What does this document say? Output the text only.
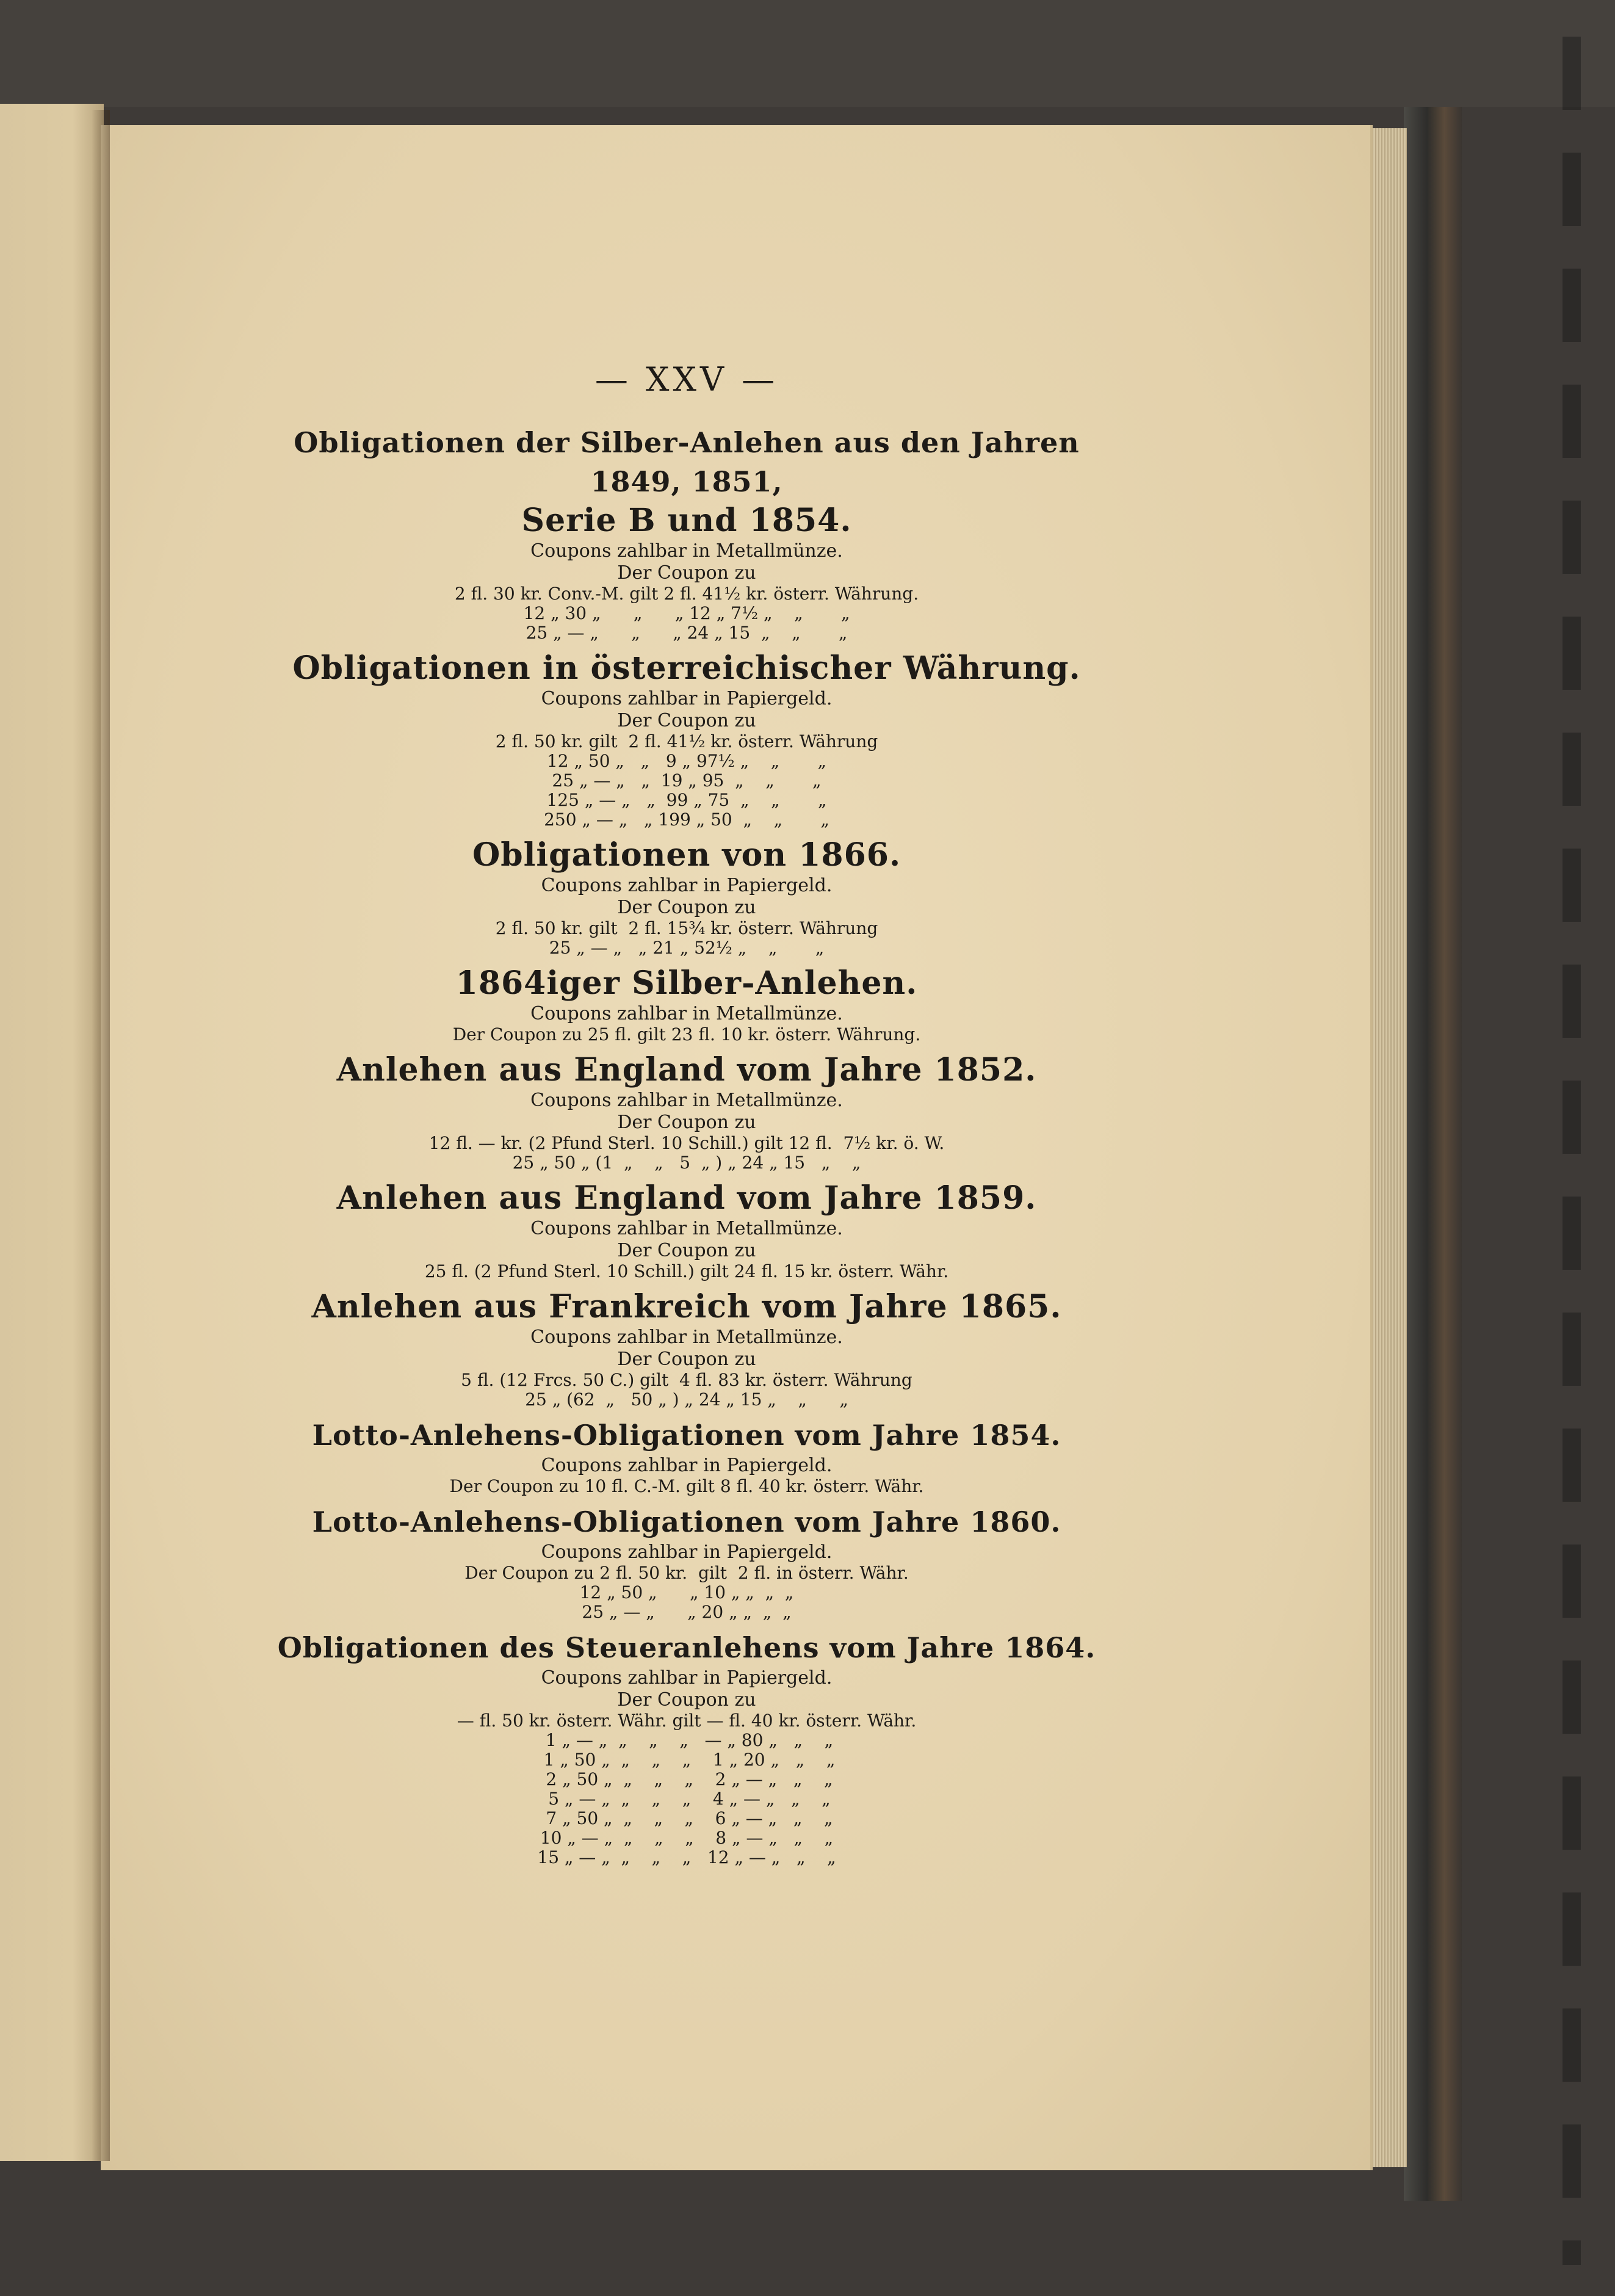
— XXV —
Obligationen der Silber-Anlehen aus den Jahren 1849, 1851,
Serie B und 1854.
Coupons zahlbar in Metallmünze.
Der Coupon zu
2 fl. 30 kr. Conv.-M. gilt 2 fl. 41½ kr. österr. Währung.
12 „ 30 „      „      „ 12 „ 7½ „    „       „
25 „ — „      „      „ 24 „ 15  „    „       „
Obligationen in österreichischer Währung.
Coupons zahlbar in Papiergeld.
Der Coupon zu
2 fl. 50 kr. gilt  2 fl. 41½ kr. österr. Währung
12 „ 50 „   „   9 „ 97½ „    „       „
25 „ — „   „  19 „ 95  „    „       „
125 „ — „   „  99 „ 75  „    „       „
250 „ — „   „ 199 „ 50  „    „       „
Obligationen von 1866.
Coupons zahlbar in Papiergeld.
Der Coupon zu
2 fl. 50 kr. gilt  2 fl. 15¾ kr. österr. Währung
25 „ — „   „ 21 „ 52½ „    „       „
1864iger Silber-Anlehen.
Coupons zahlbar in Metallmünze.
Der Coupon zu 25 fl. gilt 23 fl. 10 kr. österr. Währung.
Anlehen aus England vom Jahre 1852.
Coupons zahlbar in Metallmünze.
Der Coupon zu
12 fl. — kr. (2 Pfund Sterl. 10 Schill.) gilt 12 fl.  7½ kr. ö. W.
25 „ 50 „ (1  „    „   5  „ ) „ 24 „ 15   „    „
Anlehen aus England vom Jahre 1859.
Coupons zahlbar in Metallmünze.
Der Coupon zu
25 fl. (2 Pfund Sterl. 10 Schill.) gilt 24 fl. 15 kr. österr. Währ.
Anlehen aus Frankreich vom Jahre 1865.
Coupons zahlbar in Metallmünze.
Der Coupon zu
5 fl. (12 Frcs. 50 C.) gilt  4 fl. 83 kr. österr. Währung
25 „ (62  „   50 „ ) „ 24 „ 15 „    „      „
Lotto-Anlehens-Obligationen vom Jahre 1854.
Coupons zahlbar in Papiergeld.
Der Coupon zu 10 fl. C.-M. gilt 8 fl. 40 kr. österr. Währ.
Lotto-Anlehens-Obligationen vom Jahre 1860.
Coupons zahlbar in Papiergeld.
Der Coupon zu 2 fl. 50 kr.  gilt  2 fl. in österr. Währ.
12 „ 50 „      „ 10 „ „  „  „
25 „ — „      „ 20 „ „  „  „
Obligationen des Steueranlehens vom Jahre 1864.
Coupons zahlbar in Papiergeld.
Der Coupon zu
— fl. 50 kr. österr. Währ. gilt — fl. 40 kr. österr. Währ.
1 „ — „  „    „    „   — „ 80 „   „    „
1 „ 50 „  „    „    „    1 „ 20 „   „    „
2 „ 50 „  „    „    „    2 „ — „   „    „
5 „ — „  „    „    „    4 „ — „   „    „
7 „ 50 „  „    „    „    6 „ — „   „    „
10 „ — „  „    „    „    8 „ — „   „    „
15 „ — „  „    „    „   12 „ — „   „    „
